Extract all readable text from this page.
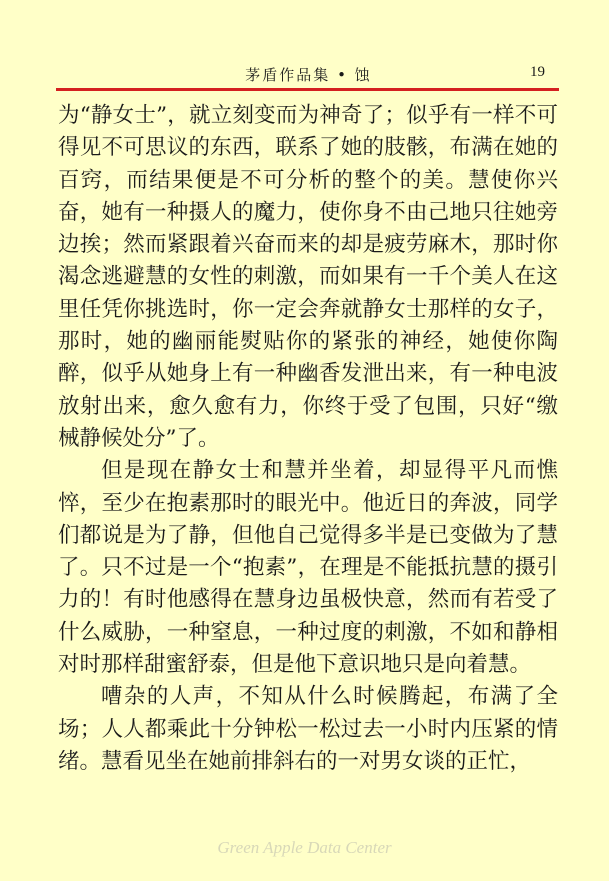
茅盾作品集 • 蚀	19

为“静女士”，就立刻变而为神奇了；似乎有一样不可得见不可思议的东西，联系了她的肢骸，布满在她的百窍，而结果便是不可分析的整个的美。慧使你兴奋，她有一种摄人的魔力，使你身不由己地只往她旁边挨；然而紧跟着兴奋而来的却是疲劳麻木，那时你渴念逃避慧的女性的刺激，而如果有一千个美人在这里任凭你挑选时，你一定会奔就静女士那样的女子，那时，她的幽丽能熨贴你的紧张的神经，她使你陶醉，似乎从她身上有一种幽香发泄出来，有一种电波放射出来，愈久愈有力，你终于受了包围，只好“缴械静候处分”了。

但是现在静女士和慧并坐着，却显得平凡而憔悴，至少在抱素那时的眼光中。他近日的奔波，同学们都说是为了静，但他自己觉得多半是已变做为了慧了。只不过是一个“抱素”，在理是不能抵抗慧的摄引力的！有时他感得在慧身边虽极快意，然而有若受了什么威胁，一种窒息，一种过度的刺激，不如和静相对时那样甜蜜舒泰，但是他下意识地只是向着慧。

嘈杂的人声，不知从什么时候腾起，布满了全场；人人都乘此十分钟松一松过去一小时内压紧的情绪。慧看见坐在她前排斜右的一对男女谈的正忙，

Green Apple Data Center
